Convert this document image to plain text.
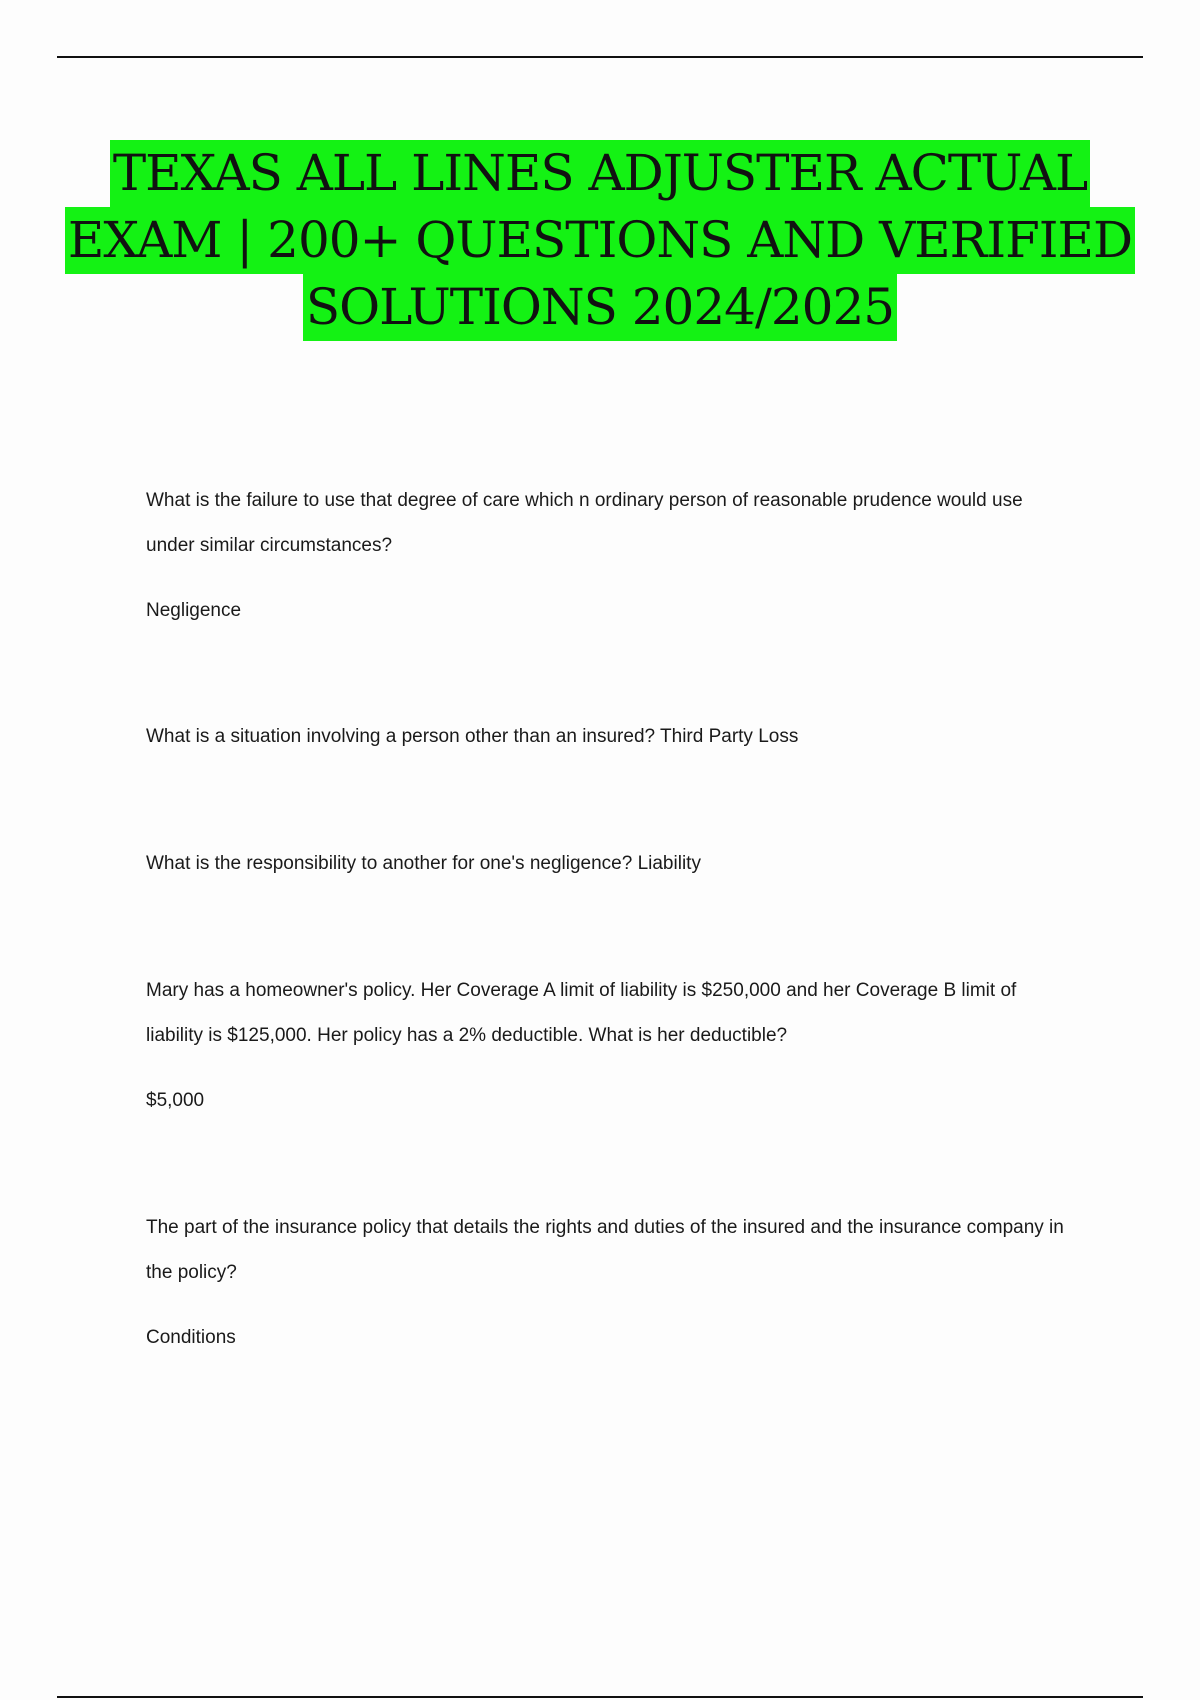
TEXAS ALL LINES ADJUSTER ACTUAL
EXAM | 200+ QUESTIONS AND VERIFIED
SOLUTIONS 2024/2025

What is the failure to use that degree of care which n ordinary person of reasonable prudence would use under similar circumstances?

Negligence

What is a situation involving a person other than an insured? Third Party Loss

What is the responsibility to another for one's negligence? Liability

Mary has a homeowner's policy. Her Coverage A limit of liability is $250,000 and her Coverage B limit of liability is $125,000. Her policy has a 2% deductible. What is her deductible?

$5,000

The part of the insurance policy that details the rights and duties of the insured and the insurance company in the policy?

Conditions
